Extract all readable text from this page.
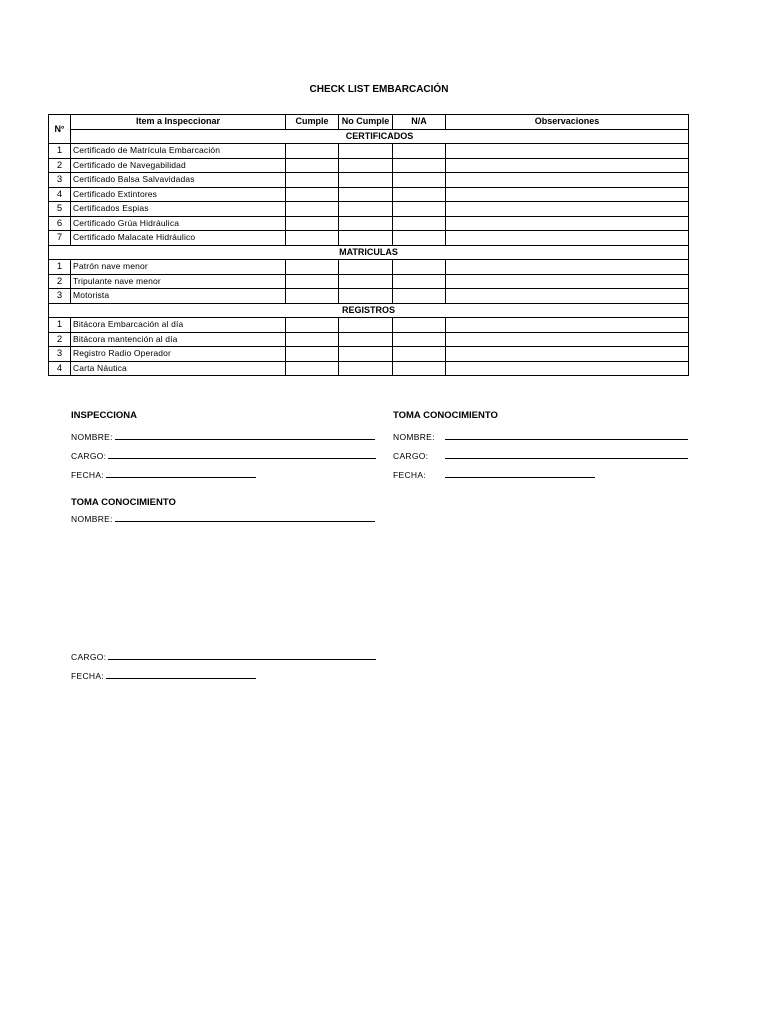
CHECK LIST EMBARCACIÓN
N°	Item a Inspeccionar	Cumple	No Cumple	N/A	Observaciones
	CERTIFICADOS				
1	Certificado de Matrícula Embarcación				
2	Certificado de Navegabilidad				
3	Certificado Balsa Salvavidadas				
4	Certificado Extintores				
5	Certificados Espias				
6	Certificado Grúa Hidráulica				
7	Certificado Malacate Hidráulico				
MATRICULAS					
1	Patrón nave menor				
2	Tripulante nave menor				
3	Motorista				
REGISTROS					
1	Bitácora Embarcación al día				
2	Bitácora mantención al día				
3	Registro Radio Operador				
4	Carta Náutica				
INSPECCIONA
NOMBRE:
CARGO:
FECHA:
TOMA CONOCIMIENTO
NOMBRE:
CARGO:
FECHA:
TOMA CONOCIMIENTO
NOMBRE:
CARGO:
FECHA:
